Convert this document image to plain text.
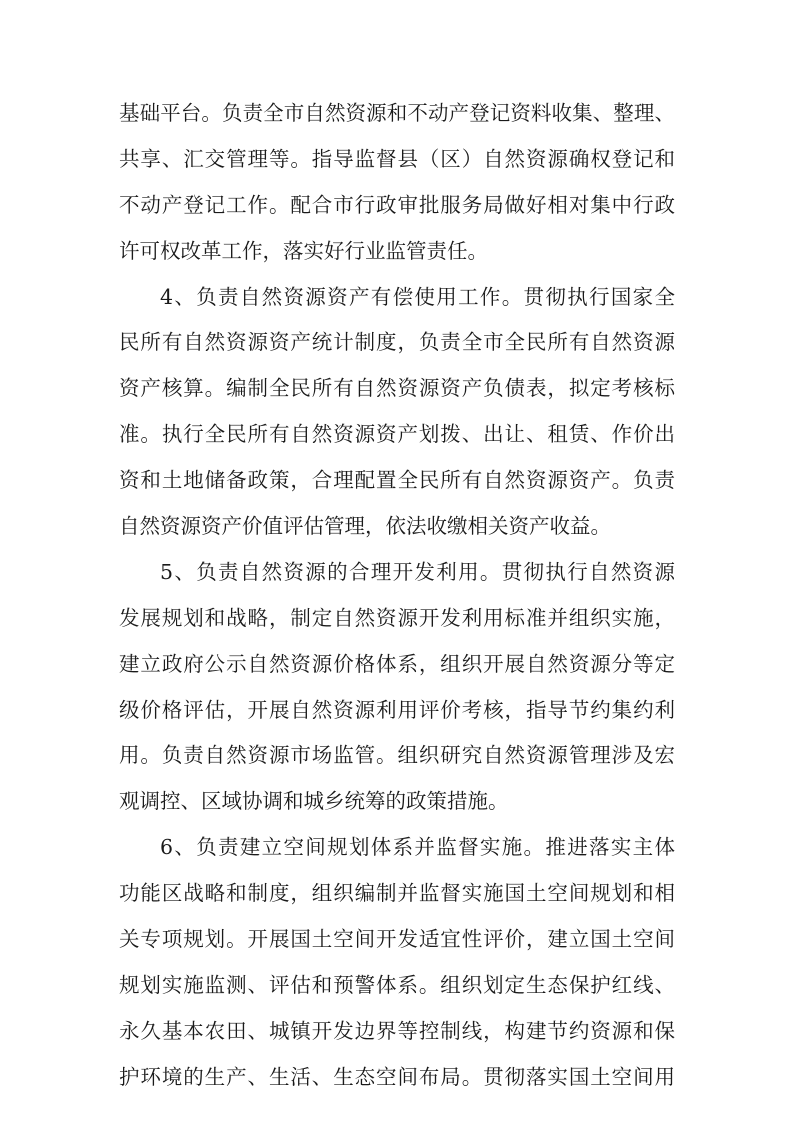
基础平台。负责全市自然资源和不动产登记资料收集、整理、
共享、汇交管理等。指导监督县（区）自然资源确权登记和
不动产登记工作。配合市行政审批服务局做好相对集中行政
许可权改革工作，落实好行业监管责任。
4、负责自然资源资产有偿使用工作。贯彻执行国家全
民所有自然资源资产统计制度，负责全市全民所有自然资源
资产核算。编制全民所有自然资源资产负债表，拟定考核标
准。执行全民所有自然资源资产划拨、出让、租赁、作价出
资和土地储备政策，合理配置全民所有自然资源资产。负责
自然资源资产价值评估管理，依法收缴相关资产收益。
5、负责自然资源的合理开发利用。贯彻执行自然资源
发展规划和战略，制定自然资源开发利用标准并组织实施，
建立政府公示自然资源价格体系，组织开展自然资源分等定
级价格评估，开展自然资源利用评价考核，指导节约集约利
用。负责自然资源市场监管。组织研究自然资源管理涉及宏
观调控、区域协调和城乡统筹的政策措施。
6、负责建立空间规划体系并监督实施。推进落实主体
功能区战略和制度，组织编制并监督实施国土空间规划和相
关专项规划。开展国土空间开发适宜性评价，建立国土空间
规划实施监测、评估和预警体系。组织划定生态保护红线、
永久基本农田、城镇开发边界等控制线，构建节约资源和保
护环境的生产、生活、生态空间布局。贯彻落实国土空间用
